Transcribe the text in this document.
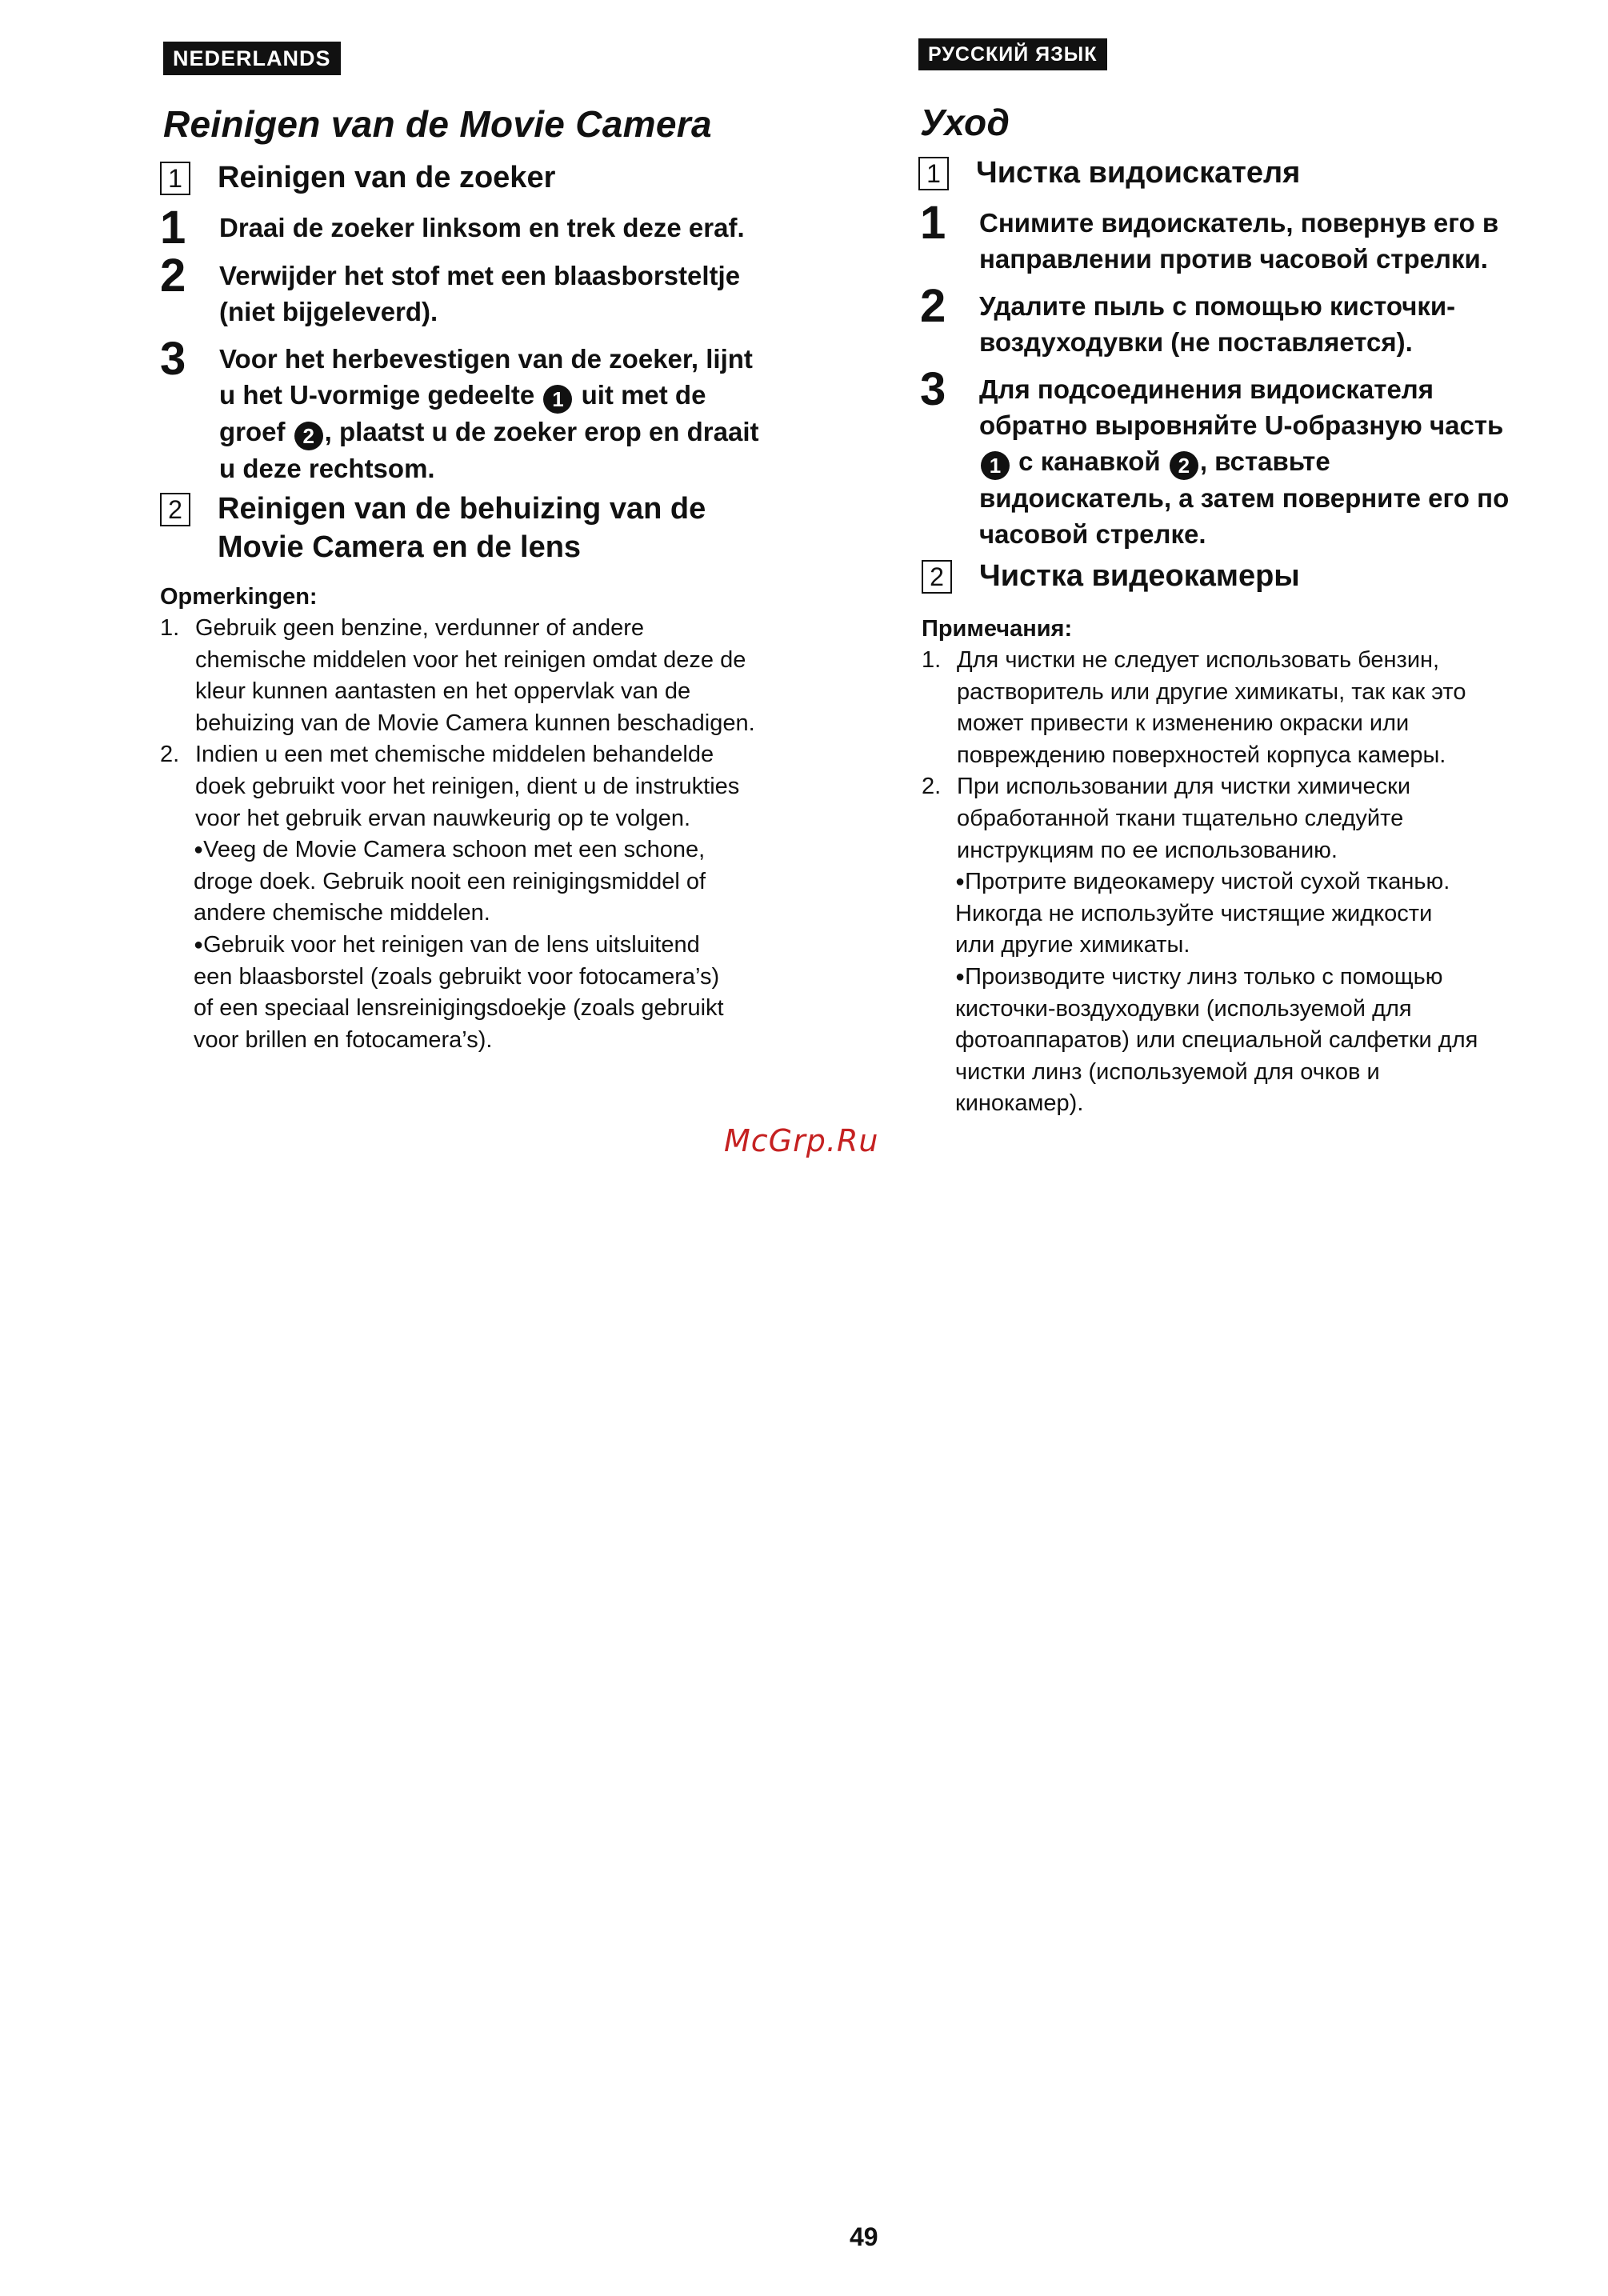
NEDERLANDS
Reinigen van de Movie Camera
1 Reinigen van de zoeker
1	Draai de zoeker linksom en trek deze eraf.
2	Verwijder het stof met een blaasborsteltje
(niet bijgeleverd).
3	Voor het herbevestigen van de zoeker, lijnt
u het U-vormige gedeelte 1 uit met de
groef 2 , plaatst u de zoeker erop en draait
u deze rechtsom.
2 Reinigen van de behuizing van de
Movie Camera en de lens
Opmerkingen:
1. Gebruik geen benzine, verdunner of andere
chemische middelen voor het reinigen omdat deze de
kleur kunnen aantasten en het oppervlak van de
behuizing van de Movie Camera kunnen beschadigen.
2. Indien u een met chemische middelen behandelde
doek gebruikt voor het reinigen, dient u de instrukties
voor het gebruik ervan nauwkeurig op te volgen.
●Veeg de Movie Camera schoon met een schone,
droge doek. Gebruik nooit een reinigingsmiddel of
andere chemische middelen.
●Gebruik voor het reinigen van de lens uitsluitend
een blaasborstel (zoals gebruikt voor fotocamera’s)
of een speciaal lensreinigingsdoekje (zoals gebruikt
voor brillen en fotocamera’s).
РУССКИЙ ЯЗЫК
Уход
1 Чистка видоискателя
1	Снимите видоискатель, повернув его в
направлении против часовой стрелки.
2	Удалите пыль с помощью кисточки-
воздуходувки (не поставляется).
3	Для подсоединения видоискателя
обратно выровняйте U-образную часть
1 с канавкой 2 , вставьте
видоискатель, а затем поверните его по
часовой стрелке.
2 Чистка видеокамеры
Примечания:
1. Для чистки не следует использовать бензин,
растворитель или другие химикаты, так как это
может привести к изменению окраски или
повреждению поверхностей корпуса камеры.
2. При использовании для чистки химически
обработанной ткани тщательно следуйте
инструкциям по ее использованию.
●Протрите видеокамеру чистой сухой тканью.
Никогда не используйте чистящие жидкости
или другие химикаты.
●Производите чистку линз только с помощью
кисточки-воздуходувки (используемой для
фотоаппаратов) или специальной салфетки для
чистки линз (используемой для очков и
кинокамер).
McGrp.Ru
49
